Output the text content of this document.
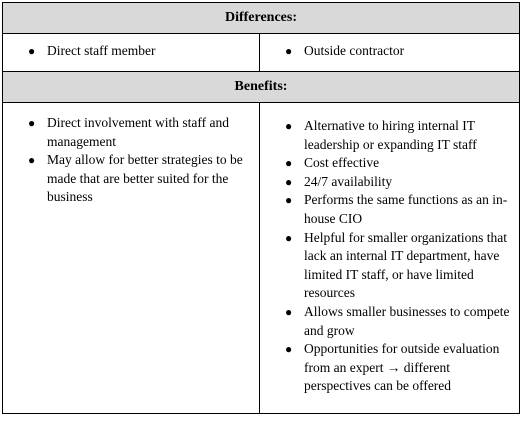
Differences:
● Direct staff member	● Outside contractor
Benefits:
● Direct involvement with staff and management
● May allow for better strategies to be made that are better suited for the business
● Alternative to hiring internal IT leadership or expanding IT staff
● Cost effective
● 24/7 availability
● Performs the same functions as an in-house CIO
● Helpful for smaller organizations that lack an internal IT department, have limited IT staff, or have limited resources
● Allows smaller businesses to compete and grow
● Opportunities for outside evaluation from an expert → different perspectives can be offered
